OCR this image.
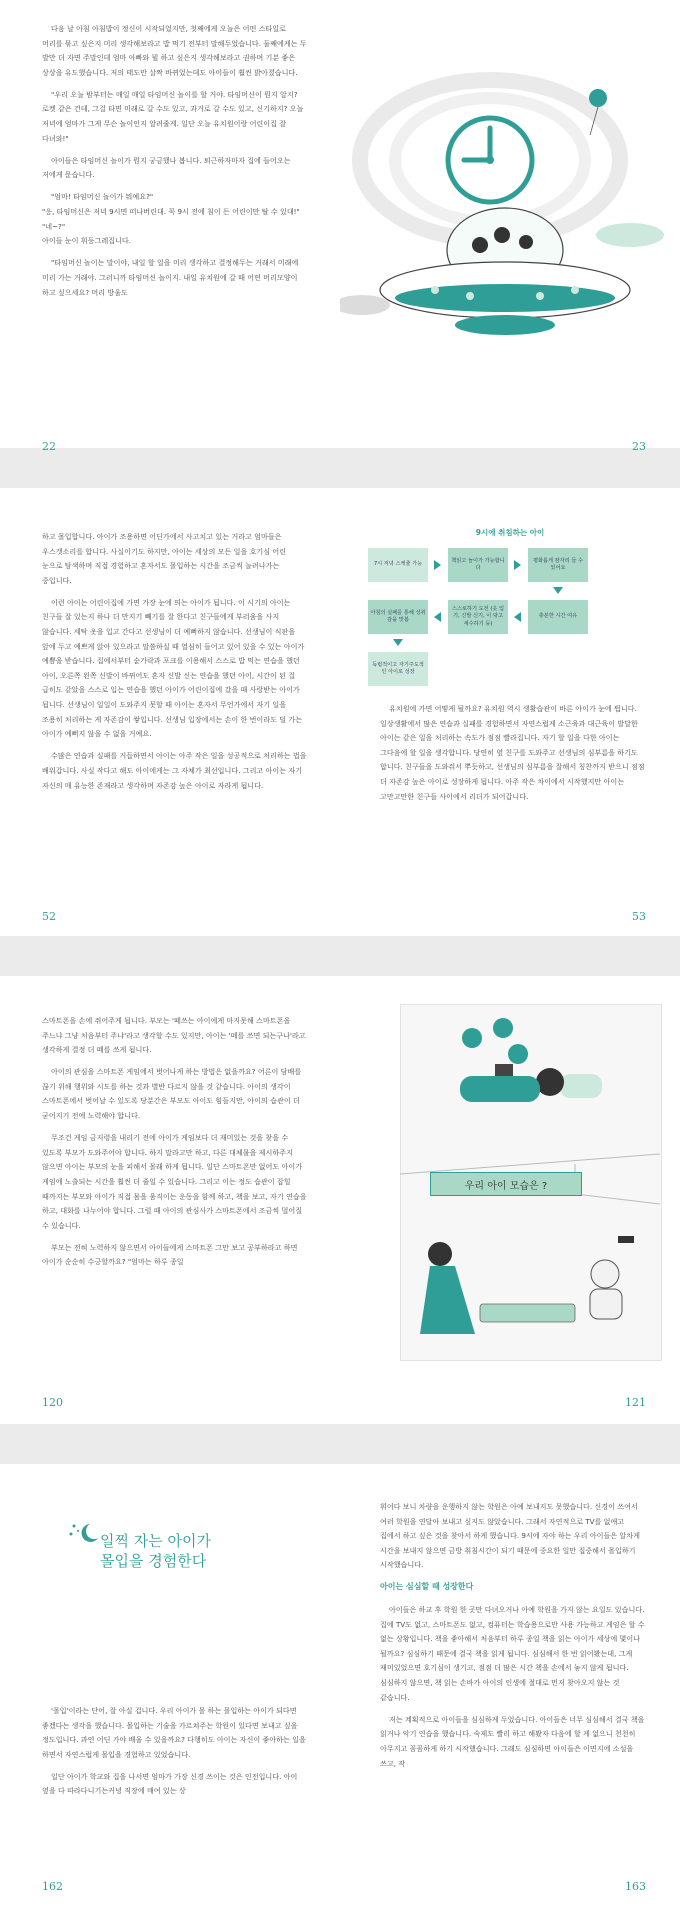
다음 날 아침 아침밥이 정신이 시작되었지만, 첫째에게 오늘은 어떤 스타일로 머리를 묶고 싶은지 미리 생각해보라고 밥 먹기 전부터 말해두었습니다. 둘째에게는 두 발만 더 자면 주말인데 엄마 아빠와 뭘 하고 싶은지 생각해보라고 권하며 기분 좋은 상상을 유도했습니다. 저의 태도만 살짝 바뀌었는데도 아이들이 훨씬 밝아졌습니다.

"우리 오늘 밤부터는 매일 매일 타임머신 놀이를 할 거야. 타임머신이 뭔지 알지? 로켓 같은 건데, 그걸 타면 미래로 갈 수도 있고, 과거로 갈 수도 있고, 신기하지? 오늘 저녁에 엄마가 그게 무슨 놀이인지 알려줄게. 일단 오늘 유치원이랑 어린이집 잘 다녀와!"

아이들은 타임머신 놀이가 뭔지 궁금했나 봅니다. 퇴근하자마자 집에 들어오는 저에게 묻습니다.

"엄마! 타임머신 놀이가 뭐예요?"
"응, 타임머신은 저녁 9시면 떠나버린대. 꼭 9시 전에 침이 든 어린이만 탈 수 있대!"
"네~?"
아이들 눈이 휘둥그레집니다.

"타임머신 놀이는 말이야, 내일 할 일을 미리 생각하고 결정해두는 거래서 미래에 미리 가는 거래야. 그러니까 타임머신 놀이지. 내일 유치원에 갈 때 어떤 머리모양이 하고 싶으세요? 머리 방울도

22	23

하고 몰입합니다. 아이가 조용하면 어딘가에서 사고치고 있는 거라고 엄마들은 우스갯소리를 합니다. 사실이기도 하지만, 아이는 세상의 모든 일을 호기심 어린 눈으로 탐색하며 직접 경험하고 혼자서도 몰입하는 시간을 조금씩 늘려나가는 중입니다.

이런 아이는 어린이집에 가면 가장 눈에 띄는 아이가 됩니다. 이 시기의 아이는 친구들 잘 있는지 하나 더 만지기 빼기를 잘 한다고 친구들에게 부러움을 사지 않습니다. 세탁 옷을 입고 간다고 선생님이 더 예뻐하지 않습니다. 선생님이 식판을 앞에 두고 예쁘게 앉아 있으라고 말씀하실 때 열심히 들어고 있어 있을 수 있는 아이가 예쁨을 받습니다. 집에서부터 숟가락과 포크를 이용해서 스스로 밥 먹는 연습을 했던 아이, 오른쪽 왼쪽 신발이 바뀌어도 혼자 신발 신는 연습을 했던 아이, 시간이 된 걸 급히도 같았을 스스로 입는 연습을 했던 아이가 어린이집에 갔을 때 사랑받는 아이가 됩니다. 선생님이 일일이 도와주지 못할 때 아이는 혼자서 무언가에서 자기 일을 조용히 처리하는 게 자존감이 쌓입니다. 선생님 입장에서는 손이 한 번이라도 덜 가는 아이가 예뻐지 않을 수 없을 거예요.

수많은 연습과 실패를 거듭하면서 아이는 아주 작은 일을 성공적으로 처리하는 법을 배워갑니다. 사실 작다고 해도 아이에게는 그 자체가 최선입니다. 그리고 아이는 자기 자신의 매 유능한 존재라고 생각하며 자존감 높은 아이로 자라게 됩니다.

52
9시에 취침하는 아이
7시 저녁 스케쥴 가능
책읽고 놀이가 가능합니다
평화롭게 잠자리 들 수 있어요
충분한 시간 여유
스스로하기 도전 (옷 입기, 신발 신기, 이 닦고 세수하기 등)
아침의 실패를 통해 성취감을 맛봄
독립적이고 자기주도적인 아이로 성장

유치원에 가면 어떻게 될까요? 유치원 역시 생활습관이 바른 아이가 눈에 띕니다. 일상생활에서 많은 연습과 실패를 경험하면서 자연스럽게 소근육과 대근육이 발달한 아이는 같은 일을 처리하는 속도가 점점 빨라집니다. 자기 할 일을 다한 아이는 그다음에 할 일을 생각합니다. 당연히 옆 친구를 도와주고 선생님의 심부름을 하기도 합니다. 친구들을 도와줘서 뿌듯하고, 선생님의 심부름을 잘해서 칭찬까지 받으니 점점 더 자존감 높은 아이로 성장하게 됩니다. 아주 작은 차이에서 시작했지만 아이는 고만고만한 친구들 사이에서 리더가 되어갑니다.

53

스마트폰을 손에 쥐어주게 됩니다. 부모는 '떼쓰는 아이에게 마지못해 스마트폰을 주느냐 그냥 처음부터 주냐'라고 생각할 수도 있지만, 아이는 '떼를 쓰면 되는구나'라고 생각하게 결정 더 떼를 쓰게 됩니다.

아이의 관심을 스마트폰 게임에서 벗어나게 하는 방법은 없을까요? 어른이 담배를 끊기 위해 행위와 시도를 하는 것과 별반 다르지 않을 것 같습니다. 아이의 생각이 스마트폰에서 벗어날 수 있도록 당분간은 부모도 아이도 힘들지만, 아이의 습관이 더 굳어지기 전에 노력해야 합니다.

무조건 게임 금지령을 내리기 전에 아이가 게임보다 더 재미있는 것을 찾을 수 있도록 부모가 도와주어야 합니다. 하지 말라고만 하고, 다른 대체물을 제시하주지 않으면 아이는 부모의 눈을 피해서 몰래 하게 됩니다. 일단 스마트폰만 없어도 아이가 게임에 노출되는 시간을 훨씬 더 줄일 수 있습니다. 그리고 이는 정도 습관이 잡힐 때까지는 부모와 아이가 직접 몸을 움직이는 운동을 함께 하고, 책을 보고, 자기 연습을 하고, 대화를 나누어야 합니다. 그럴 때 아이의 관심사가 스마트폰에서 조금씩 멀어질 수 있습니다.

부모는 전혀 노력하지 않으면서 아이들에게 스마트폰 그만 보고 공부하라고 하면 아이가 순순히 수긍할까요? "엄마는 하루 종일

120
우리 아이 모습은 ?
121
일찍 자는 아이가
몰입을 경험한다

'몰입'이라는 단어, 잘 아실 겁니다. 우리 아이가 몰 하는 몰입하는 아이가 되다면 좋겠다는 생각을 했습니다. 몰입하는 기술을 가르쳐주는 학원이 있다면 보내고 싶을 정도입니다. 과연 어딘 가야 배울 수 있을까요? 다행히도 아이는 자신이 좋아하는 일을 하면서 자연스럽게 몰입을 경험하고 있었습니다.

일단 아이가 학교와 집을 나서면 엄마가 가장 신경 쓰이는 것은 인전입니다. 아이 옆을 다 따라다니기는커녕 직장에 매여 있는 상

162

휘어다 보니 차량을 운행하지 않는 학원은 아예 보내지도 못했습니다. 신경이 쓰여서 여러 학원을 연달아 보내고 싶지도 않았습니다. 그래서 자연적으로 TV를 없애고 집에서 하고 싶은 것을 찾아서 하게 했습니다. 9시에 자야 하는 우리 아이들은 알차게 시간을 보내지 않으면 금방 취침시간이 되기 때문에 중요한 일만 집중해서 몰입하기 시작했습니다.

아이는 심심할 때 성장한다

아이들은 하교 후 학원 한 곳만 다녀오거나 아예 학원을 가지 않는 요일도 있습니다. 집에 TV도 없고, 스마트폰도 없고, 컴퓨터는 학습용으로만 사용 가능하고 게임은 할 수 없는 상황입니다. 책을 좋아해서 처음부터 하루 종일 책을 읽는 아이가 세상에 몇이나 될까요? 심심하기 때문에 결국 책을 읽게 됩니다. 심심해서 한 번 읽어봤는데, 그게 재미있었으면 호기심이 생기고, 점점 더 많은 시간 책을 손에서 놓지 않게 됩니다. 심심하지 않으면, 책 읽는 손바가 아이의 인생에 절대로 먼저 찾아오지 않는 것 같습니다.

저는 계획적으로 아이들을 심심하게 두었습니다. 아이들은 너무 심심해서 결국 책을 읽거나 악기 연습을 했습니다. 숙제도 빨리 하고 해봤자 다음에 할 게 없으니 천천히 아무지고 꼼꼼하게 하기 시작했습니다. 그래도 심심하면 아이들은 이면지에 소설을 쓰고, 작

163
